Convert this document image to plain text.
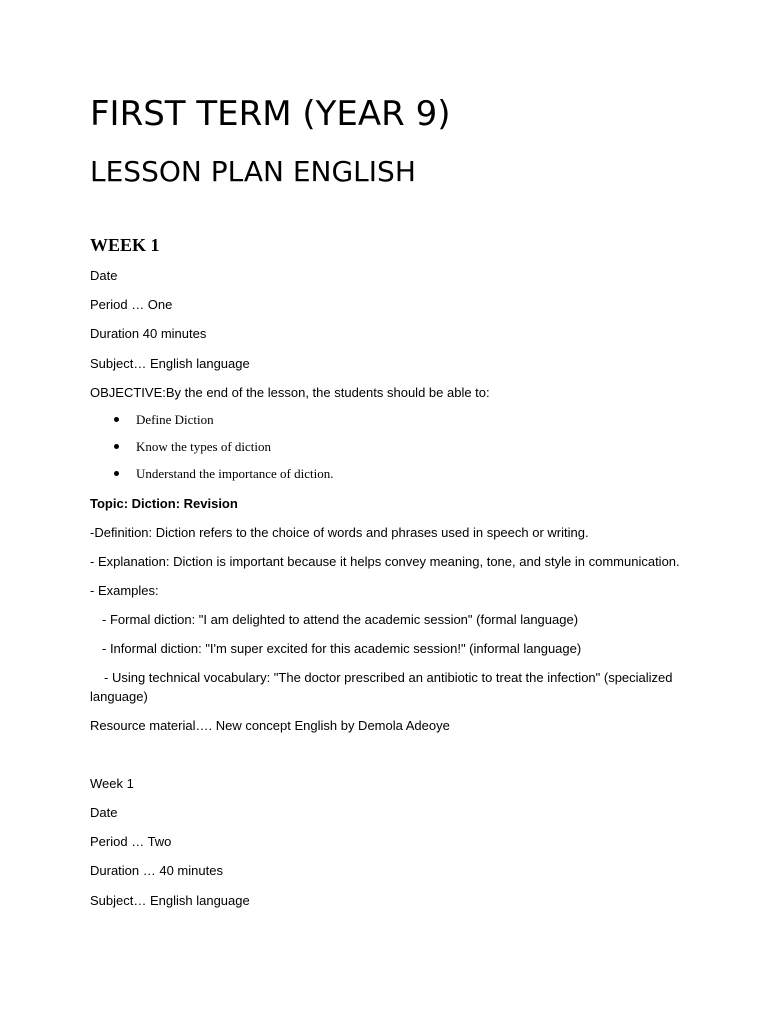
FIRST TERM (YEAR 9)
LESSON PLAN ENGLISH
WEEK 1
Date
Period … One
Duration 40 minutes
Subject… English language
OBJECTIVE:By the end of the lesson, the students should be able to:
Define Diction
Know the types of diction
Understand the importance of diction.
Topic: Diction: Revision
-Definition: Diction refers to the choice of words and phrases used in speech or writing.
- Explanation: Diction is important because it helps convey meaning, tone, and style in communication.
- Examples:
- Formal diction: "I am delighted to attend the academic session" (formal language)
- Informal diction: "I'm super excited for this academic session!" (informal language)
- Using technical vocabulary: "The doctor prescribed an antibiotic to treat the infection" (specialized language)
Resource material…. New concept English by Demola Adeoye
Week 1
Date
Period … Two
Duration … 40 minutes
Subject… English language
